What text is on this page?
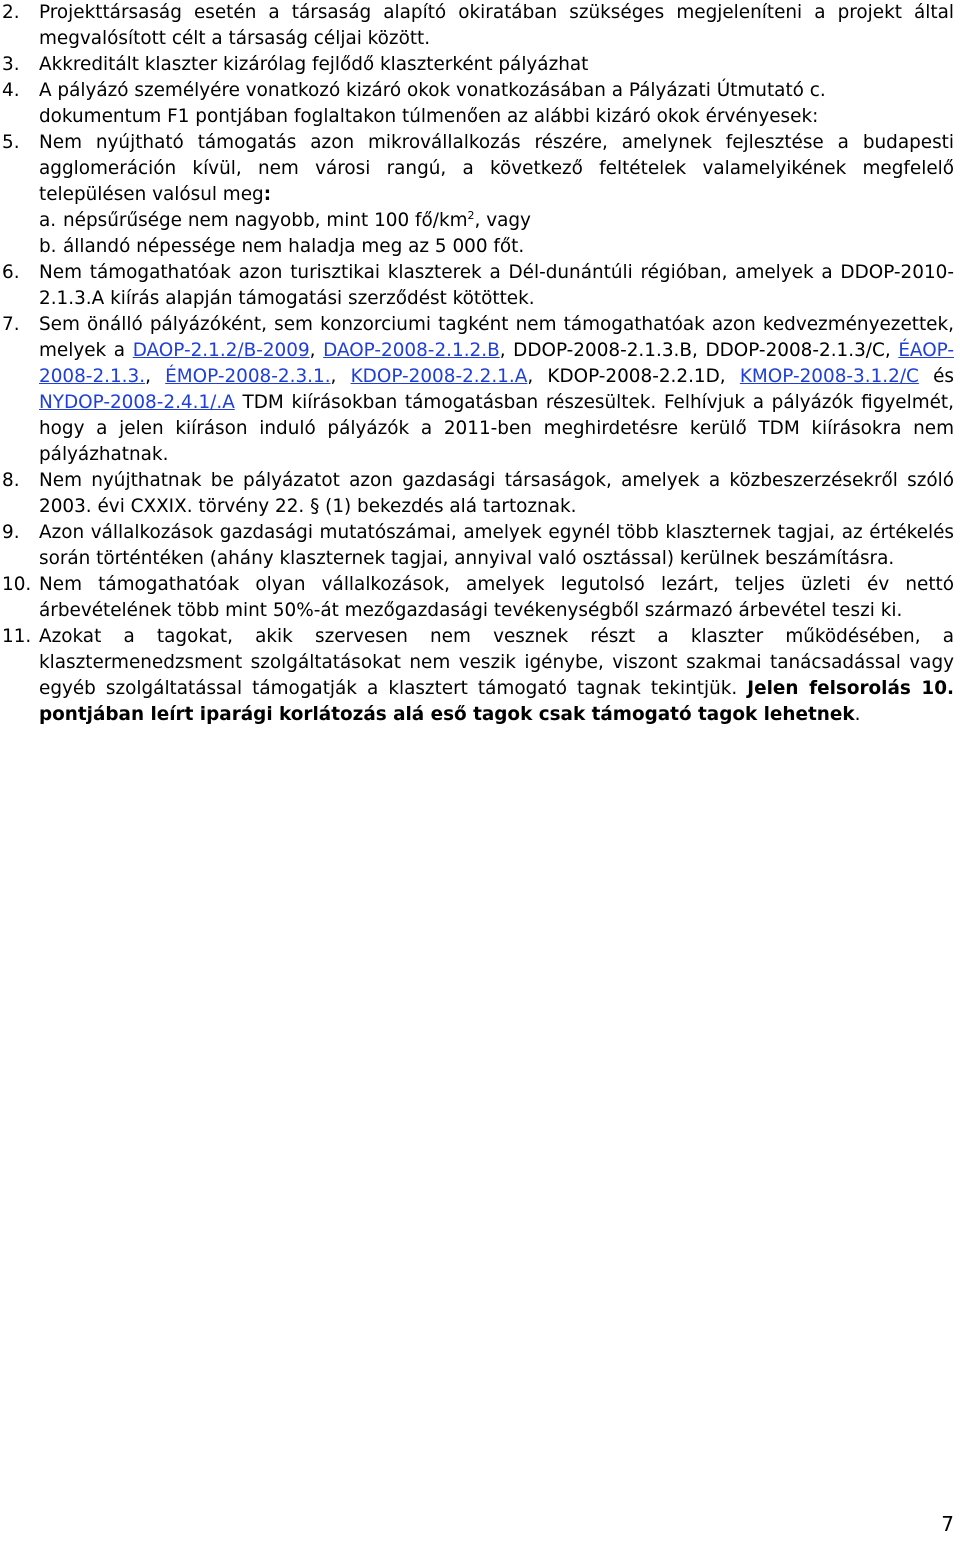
2.	Projekttársaság esetén a társaság alapító okiratában szükséges megjeleníteni a projekt által megvalósított célt a társaság céljai között.
3.	Akkreditált klaszter kizárólag fejlődő klaszterként pályázhat
4.	A pályázó személyére vonatkozó kizáró okok vonatkozásában a Pályázati Útmutató c.
dokumentum F1 pontjában foglaltakon túlmenően az alábbi kizáró okok érvényesek:
5.	Nem nyújtható támogatás azon mikrovállalkozás részére, amelynek fejlesztése a budapesti agglomeráción kívül, nem városi rangú, a következő feltételek valamelyikének megfelelő településen valósul meg:
a. népsűrűsége nem nagyobb, mint 100 $fő/km^2$, vagy
b. állandó népessége nem haladja meg az 5 000 főt.
6.	Nem támogathatóak azon turisztikai klaszterek a Dél-dunántúli régióban, amelyek a DDOP-2010-2.1.3.A kiírás alapján támogatási szerződést kötöttek.
7.	Sem önálló pályázóként, sem konzorciumi tagként nem támogathatóak azon kedvezményezettek, melyek a DAOP-2.1.2/B-2009, DAOP-2008-2.1.2.B, DDOP-2008-2.1.3.B, DDOP-2008-2.1.3/C, ÉAOP-2008-2.1.3., ÉMOP-2008-2.3.1., KDOP-2008-2.2.1.A, KDOP-2008-2.2.1D, KMOP-2008-3.1.2/C és NYDOP-2008-2.4.1/.A TDM kiírásokban támogatásban részesültek. Felhívjuk a pályázók figyelmét, hogy a jelen kiíráson induló pályázók a 2011-ben meghirdetésre kerülő TDM kiírásokra nem pályázhatnak.
8.	Nem nyújthatnak be pályázatot azon gazdasági társaságok, amelyek a közbeszerzésekről szóló 2003. évi CXXIX. törvény 22. § (1) bekezdés alá tartoznak.
9.	Azon vállalkozások gazdasági mutatószámai, amelyek egynél több klaszternek tagjai, az értékelés során történtéken (ahány klaszternek tagjai, annyival való osztással) kerülnek beszámításra.
10. Nem támogathatóak olyan vállalkozások, amelyek legutolsó lezárt, teljes üzleti év nettó árbevételének több mint 50%-át mezőgazdasági tevékenységből származó árbevétel teszi ki.
11. Azokat a tagokat, akik szervesen nem vesznek részt a klaszter működésében, a klasztermenedzsment szolgáltatásokat nem veszik igénybe, viszont szakmai tanácsadással vagy egyéb szolgáltatással támogatják a klasztert támogató tagnak tekintjük. Jelen felsorolás 10. pontjában leírt iparági korlátozás alá eső tagok csak támogató tagok lehetnek.
7
